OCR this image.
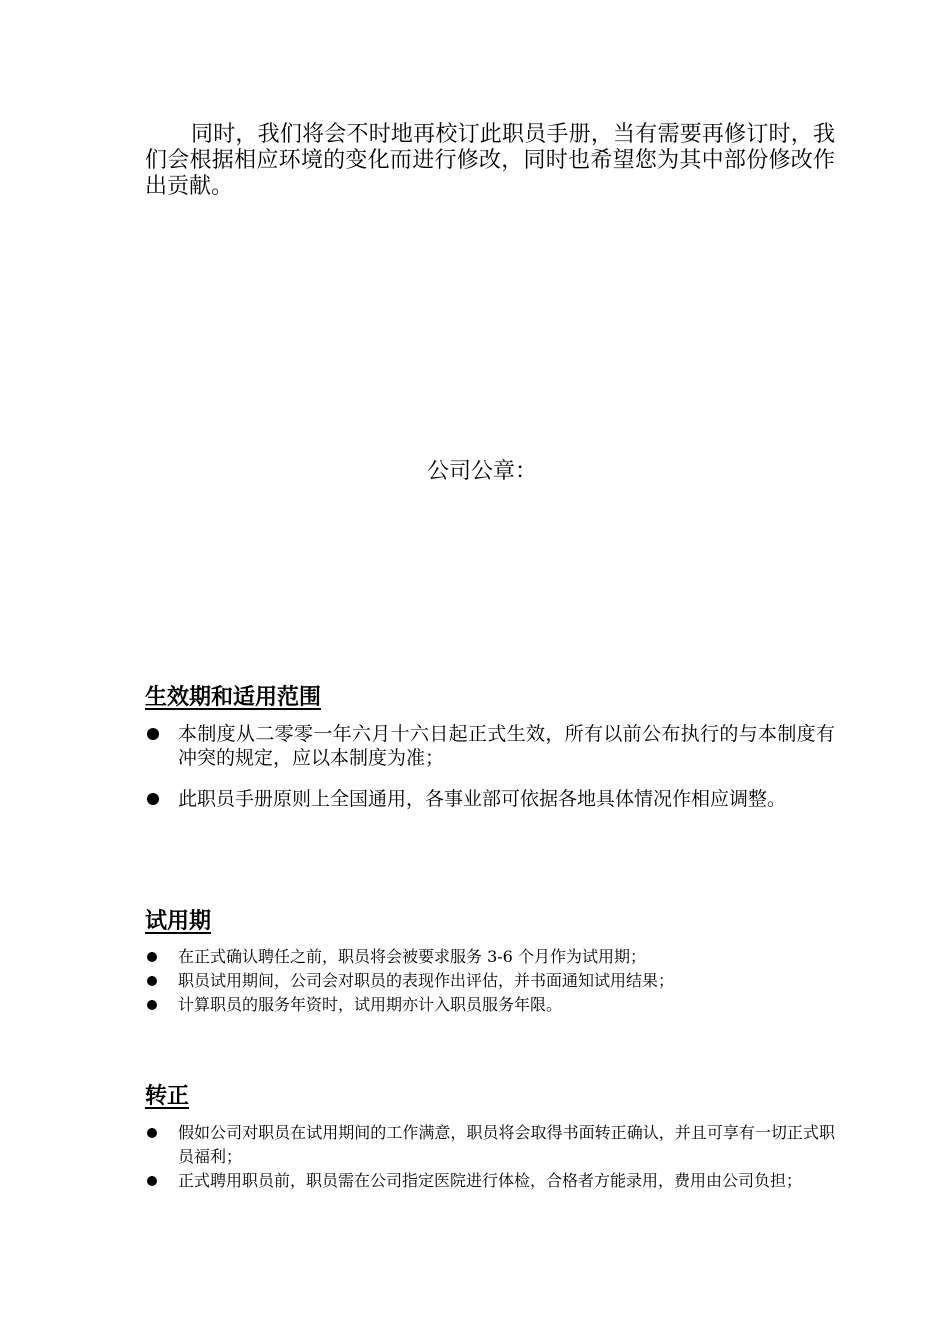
同时，我们将会不时地再校订此职员手册，当有需要再修订时，我们会根据相应环境的变化而进行修改，同时也希望您为其中部份修改作出贡献。

公司公章：
生效期和适用范围
本制度从二零零一年六月十六日起正式生效，所有以前公布执行的与本制度有冲突的规定，应以本制度为准；
此职员手册原则上全国通用，各事业部可依据各地具体情况作相应调整。
试用期
在正式确认聘任之前，职员将会被要求服务 3-6 个月作为试用期；
职员试用期间，公司会对职员的表现作出评估，并书面通知试用结果；
计算职员的服务年资时，试用期亦计入职员服务年限。
转正
假如公司对职员在试用期间的工作满意，职员将会取得书面转正确认，并且可享有一切正式职员福利；
正式聘用职员前，职员需在公司指定医院进行体检，合格者方能录用，费用由公司负担；
